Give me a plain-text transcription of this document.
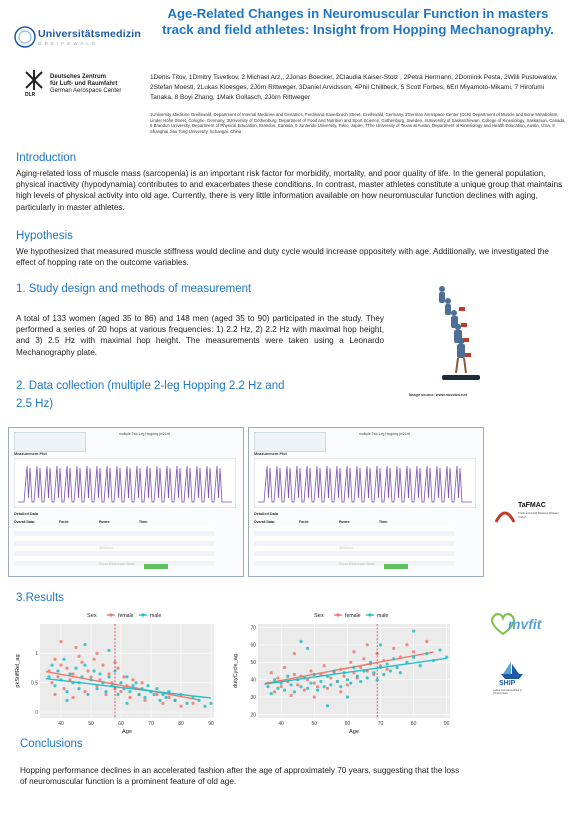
Universitätsmedizin
GREIFSWALD
DLR
Deutsches Zentrum
für Luft- und Raumfahrt
German Aerospace Center
Age-Related Changes in Neuromuscular Function in masters track and field athletes: Insight from Hopping Mechanography.
1Denis Titov, 1Dmitry Tsvetkov, 2 Michael Arz,, 2Jonas Boecker, 2Claudia Kaiser-Stolz , 2Petra Hermann, 2Dominik Pesta, 2Willi Pustowalow, 2Stefan Moestl, 2Lukas Kloesges, 2Jörn Rittweger, 3Daniel Arvidsson, 4Phil Chillbeck, 5 Scott Forbes, 6Eri Miyamoto-Mikami, 7 Hirofumi Tanaka, 8 Boyi Zhang, 1Maik Gollasch, 2Jörn Rittweger
1University Medicine Greifswald, Department of Internal Medicine and Geriatrics, Ferdinand Sauerbruch Street, Greifswald, Germany, 2German Aerospace Center (DLR) Department of Muscle and Bone Metabolism, Linder Höhe Street, Cologne, Germany, 3University of Gothenburg, Department of Food and Nutrition and Sport Science, Gothenburg, Sweden, 4University of Saskatchewan, College of Kinesiology, Saskatoon, Canada, 5 Brandon University, Department of Physical Education, Brandon, Canada, 6 Juntendo University, Tokio, Japan, 7The University of Texas at Austin, Department of Kinesiology and Health Education, Austin, USA, 8 Shanghai Jiao Tong University, Schangai, China
Introduction
Aging-related loss of muscle mass (sarcopenia) is an important risk factor for morbidity, mortality, and poor quality of life. In the general population, physical inactivity (hypodynamia) contributes to and exacerbates these conditions. In contrast, master athletes constitute a unique group that maintains high levels of physical activity into old age. Currently, there is very little information available on how neuromuscular function declines with aging, particularly in master athletes.
Hypothesis
We hypothesized that measured muscle stiffness would decline and duty cycle would increase oppositely with age. Additionally, we investigated the effect of hopping rate on the outcome variables.
1. Study design and methods of measurement
A total of 133 women (aged 35 to 86) and 148 men (aged 35 to 90) participated in the study. They performed a series of 20 hops at various frequencies: 1) 2.2 Hz, 2) 2.2 Hz with maximal hop height, and 3) 2.5 Hz with maximal hop height. The measurements were taken using a Leonardo Mechanography plate.
Image source: www.novotec.net
2. Data collection (multiple 2-leg Hopping 2.2 Hz and 2.5 Hz)
multiple Two Leg Hopping (m2LH)
Measurement Plot
Detailed Data
Overall Data:	Force:	Power:	Time:
multiple Two Leg Hopping (m2LH)
Measurement Plot
Detailed Data
Overall Data:	Force:	Power:	Time:
TaFMAC
Track and Field Masters Athletes Cohort
3.Results
40	50	60	70	80	90
0
0.5
1
Age
pkStiffRel_ag
Sex	female	male
40	50	60	70	80	90
20
30
40
50
60
70
Age
dutyCycle_ag
Sex	female	male	mvfit
SHIP
Leben und Gesundheit in Vorpommern
Conclusions
Hopping performance declines in an accelerated fashion after the age of approximately 70 years, suggesting that the loss of neuromuscular function is a prominent feature of old age.
